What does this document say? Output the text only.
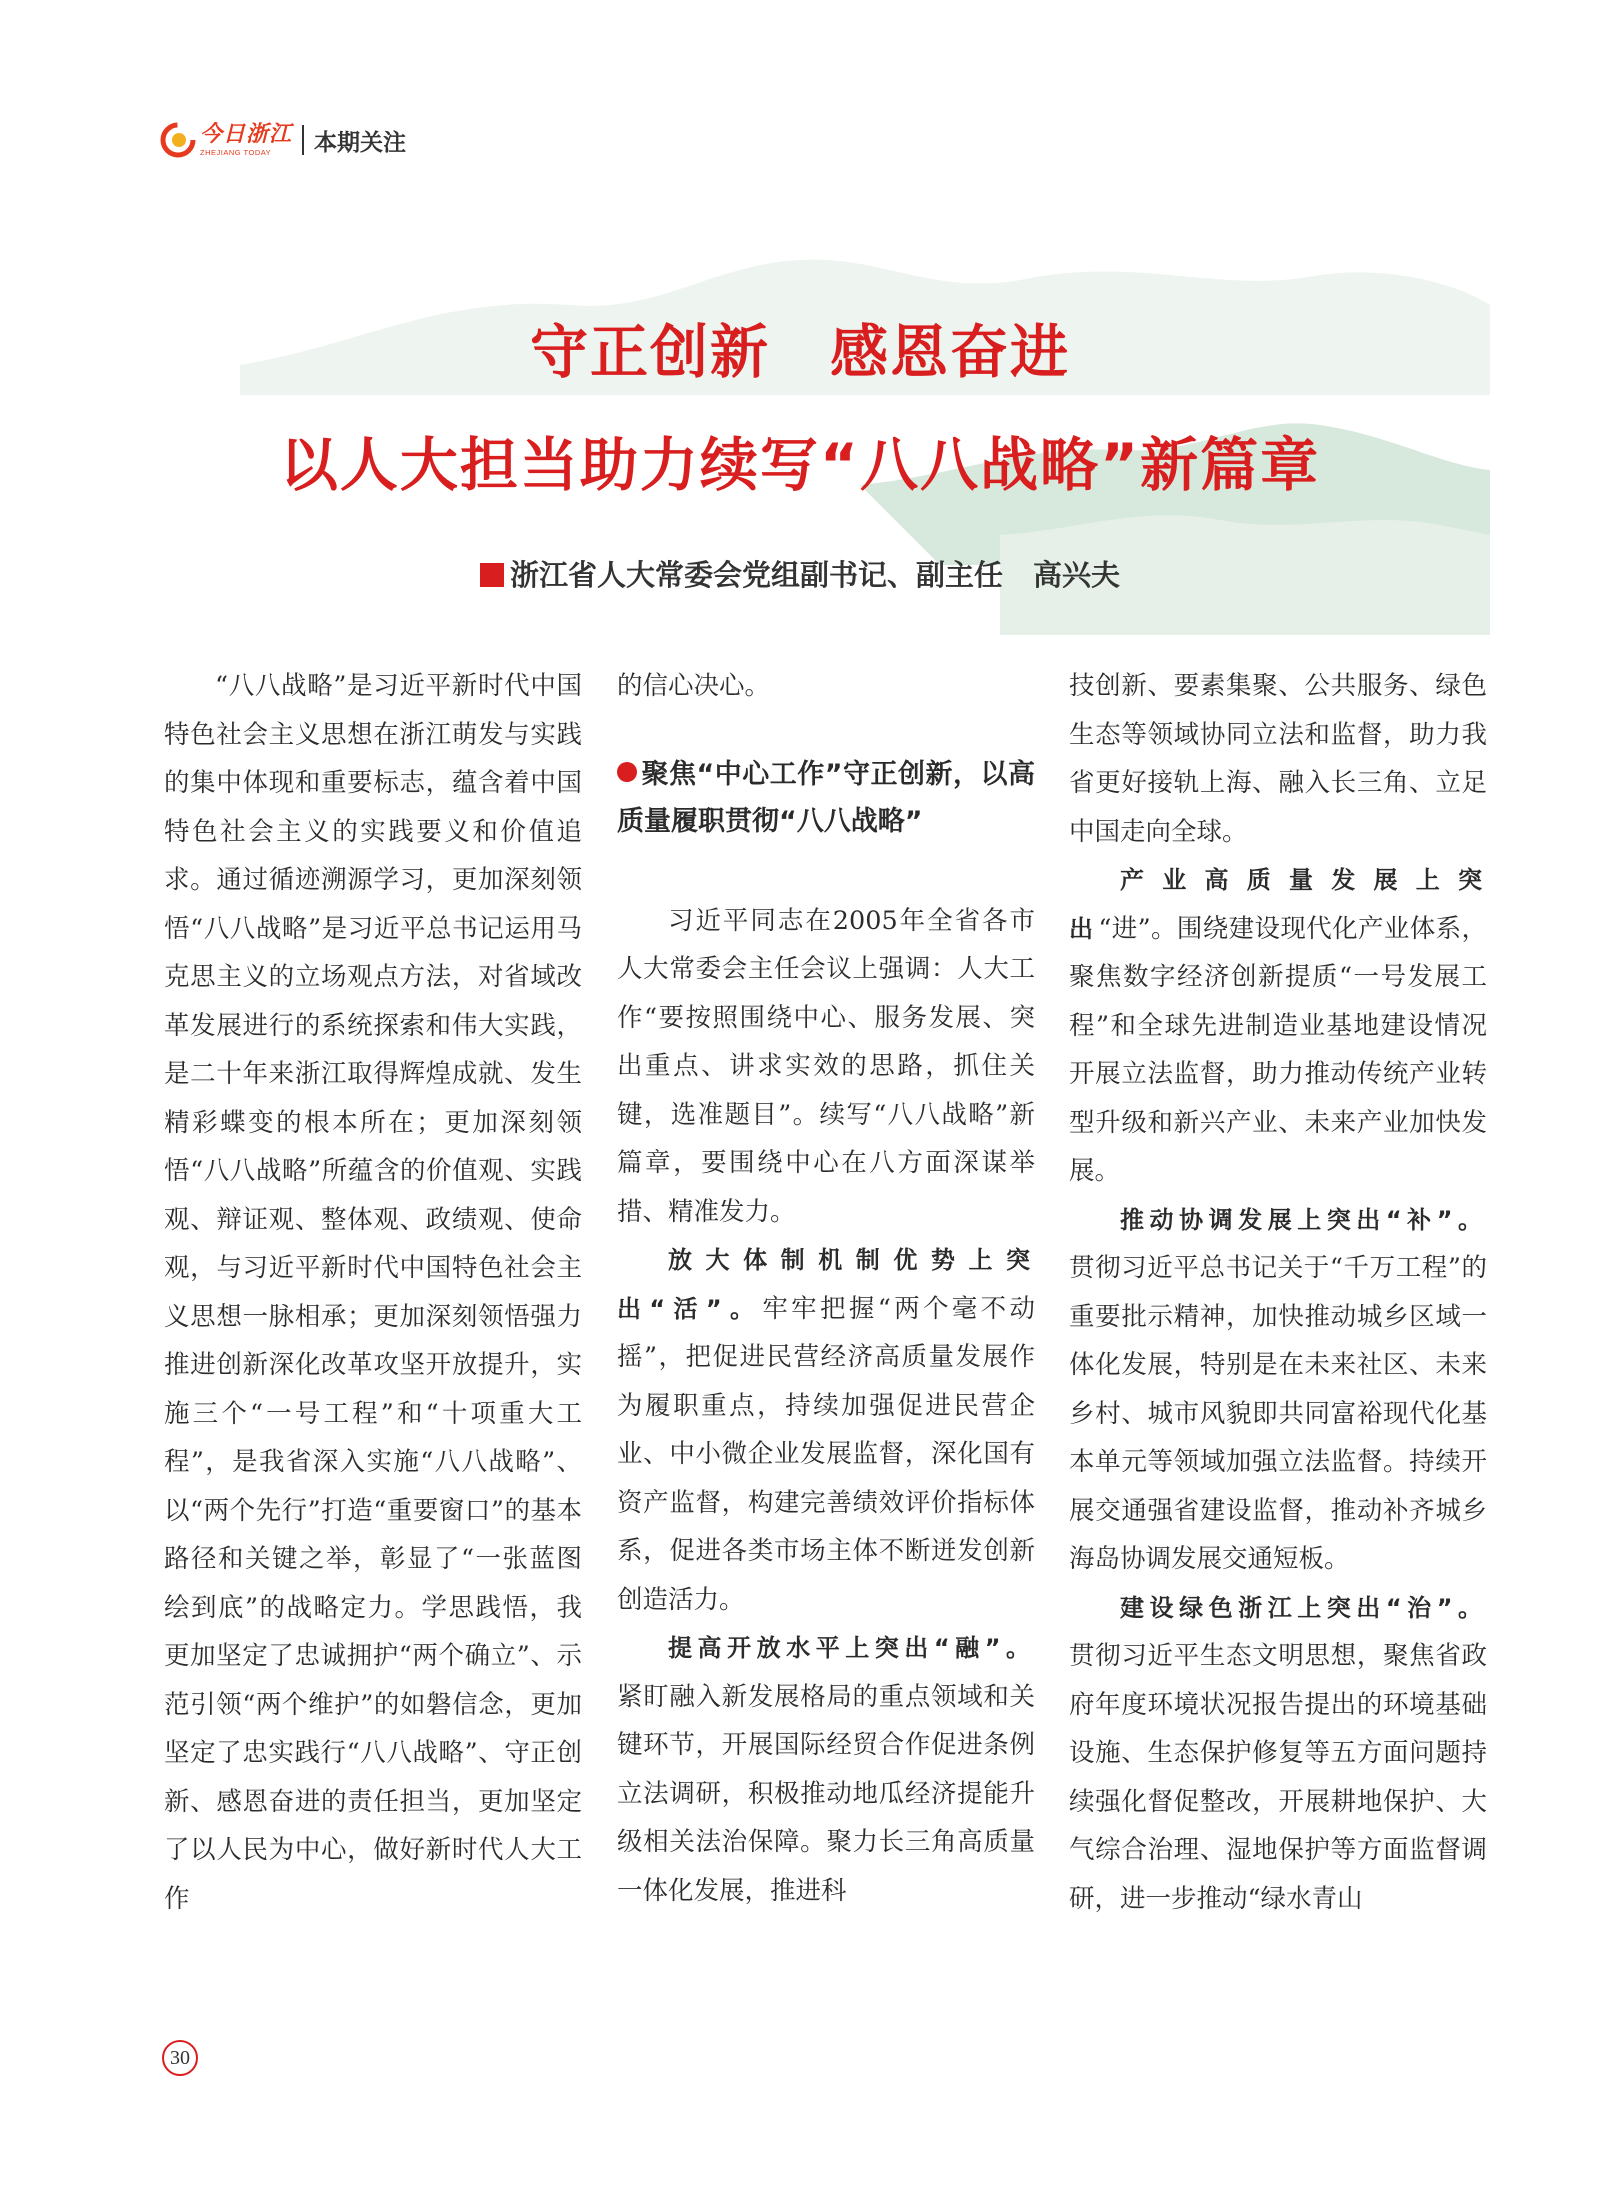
今日浙江
ZHEJIANG TODAY	本期关注
守正创新　感恩奋进
以人大担当助力续写“八八战略”新篇章
浙江省人大常委会党组副书记、副主任 高兴夫

“八八战略”是习近平新时代中国特色社会主义思想在浙江萌发与实践的集中体现和重要标志，蕴含着中国特色社会主义的实践要义和价值追求。通过循迹溯源学习，更加深刻领悟“八八战略”是习近平总书记运用马克思主义的立场观点方法，对省域改革发展进行的系统探索和伟大实践，是二十年来浙江取得辉煌成就、发生精彩蝶变的根本所在；更加深刻领悟“八八战略”所蕴含的价值观、实践观、辩证观、整体观、政绩观、使命观，与习近平新时代中国特色社会主义思想一脉相承；更加深刻领悟强力推进创新深化改革攻坚开放提升，实施三个“一号工程”和“十项重大工程”，是我省深入实施“八八战略”、以“两个先行”打造“重要窗口”的基本路径和关键之举，彰显了“一张蓝图绘到底”的战略定力。学思践悟，我更加坚定了忠诚拥护“两个确立”、示范引领“两个维护”的如磐信念，更加坚定了忠实践行“八八战略”、守正创新、感恩奋进的责任担当，更加坚定了以人民为中心，做好新时代人大工作

的信心决心。

聚焦“中心工作”守正创新，以高质量履职贯彻“八八战略”

习近平同志在2005年全省各市人大常委会主任会议上强调：人大工作“要按照围绕中心、服务发展、突出重点、讲求实效的思路，抓住关键，选准题目”。续写“八八战略”新篇章，要围绕中心在八方面深谋举措、精准发力。

放大体制机制优势上突出“活”。牢牢把握“两个毫不动摇”，把促进民营经济高质量发展作为履职重点，持续加强促进民营企业、中小微企业发展监督，深化国有资产监督，构建完善绩效评价指标体系，促进各类市场主体不断迸发创新创造活力。

提高开放水平上突出“融”。紧盯融入新发展格局的重点领域和关键环节，开展国际经贸合作促进条例立法调研，积极推动地瓜经济提能升级相关法治保障。聚力长三角高质量一体化发展，推进科

技创新、要素集聚、公共服务、绿色生态等领域协同立法和监督，助力我省更好接轨上海、融入长三角、立足中国走向全球。

产业高质量发展上突出“进”。围绕建设现代化产业体系，聚焦数字经济创新提质“一号发展工程”和全球先进制造业基地建设情况开展立法监督，助力推动传统产业转型升级和新兴产业、未来产业加快发展。

推动协调发展上突出“补”。贯彻习近平总书记关于“千万工程”的重要批示精神，加快推动城乡区域一体化发展，特别是在未来社区、未来乡村、城市风貌即共同富裕现代化基本单元等领域加强立法监督。持续开展交通强省建设监督，推动补齐城乡海岛协调发展交通短板。

建设绿色浙江上突出“治”。贯彻习近平生态文明思想，聚焦省政府年度环境状况报告提出的环境基础设施、生态保护修复等五方面问题持续强化督促整改，开展耕地保护、大气综合治理、湿地保护等方面监督调研，进一步推动“绿水青山

30
